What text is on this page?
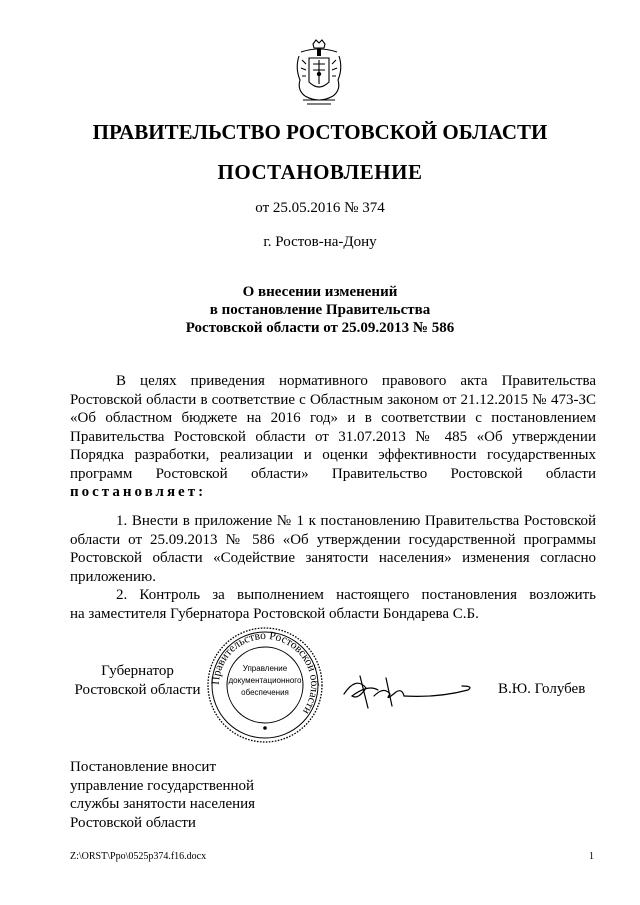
ПРАВИТЕЛЬСТВО РОСТОВСКОЙ ОБЛАСТИ
ПОСТАНОВЛЕНИЕ
от 25.05.2016 № 374
г. Ростов-на-Дону
О внесении изменений
в постановление Правительства
Ростовской области от 25.09.2013 № 586
В целях приведения нормативного правового акта Правительства
Ростовской области в соответствие с Областным законом от 21.12.2015 № 473-ЗС
«Об областном бюджете на 2016 год» и в соответствии с постановлением
Правительства Ростовской области от 31.07.2013 № 485 «Об утверждении
Порядка разработки, реализации и оценки эффективности государственных
программ Ростовской области» Правительство Ростовской области
постановляет:
1. Внести в приложение № 1 к постановлению Правительства Ростовской
области от 25.09.2013 № 586 «Об утверждении государственной программы
Ростовской области «Содействие занятости населения» изменения согласно
приложению.
2. Контроль за выполнением настоящего постановления возложить
на заместителя Губернатора Ростовской области Бондарева С.Б.
Губернатор
Ростовской области
Правительство Ростовской области
Управление
документационного
обеспечения	В.Ю. Голубев
Постановление вносит
управление государственной
службы занятости населения
Ростовской области
Z:\ORST\Ppo\0525p374.f16.docx	1
